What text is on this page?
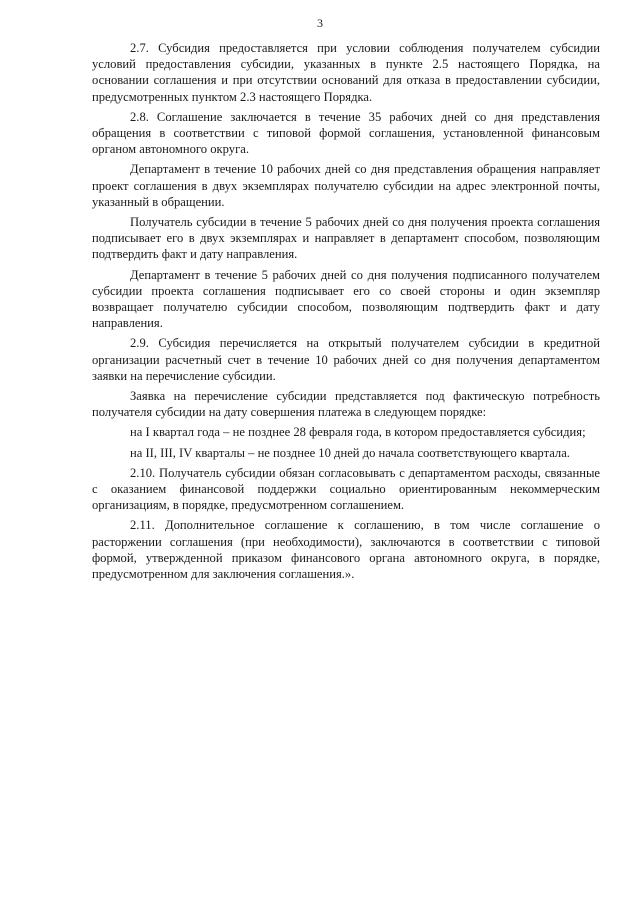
3

2.7. Субсидия предоставляется при условии соблюдения получателем субсидии условий предоставления субсидии, указанных в пункте 2.5 настоящего Порядка, на основании соглашения и при отсутствии оснований для отказа в предоставлении субсидии, предусмотренных пунктом 2.3 настоящего Порядка.

2.8. Соглашение заключается в течение 35 рабочих дней со дня представления обращения в соответствии с типовой формой соглашения, установленной финансовым органом автономного округа.

Департамент в течение 10 рабочих дней со дня представления обращения направляет проект соглашения в двух экземплярах получателю субсидии на адрес электронной почты, указанный в обращении.

Получатель субсидии в течение 5 рабочих дней со дня получения проекта соглашения подписывает его в двух экземплярах и направляет в департамент способом, позволяющим подтвердить факт и дату направления.

Департамент в течение 5 рабочих дней со дня получения подписанного получателем субсидии проекта соглашения подписывает его со своей стороны и один экземпляр возвращает получателю субсидии способом, позволяющим подтвердить факт и дату направления.

2.9. Субсидия перечисляется на открытый получателем субсидии в кредитной организации расчетный счет в течение 10 рабочих дней со дня получения департаментом заявки на перечисление субсидии.

Заявка на перечисление субсидии представляется под фактическую потребность получателя субсидии на дату совершения платежа в следующем порядке:

на I квартал года – не позднее 28 февраля года, в котором предоставляется субсидия;

на II, III, IV кварталы – не позднее 10 дней до начала соответствующего квартала.

2.10. Получатель субсидии обязан согласовывать с департаментом расходы, связанные с оказанием финансовой поддержки социально ориентированным некоммерческим организациям, в порядке, предусмотренном соглашением.

2.11. Дополнительное соглашение к соглашению, в том числе соглашение о расторжении соглашения (при необходимости), заключаются в соответствии с типовой формой, утвержденной приказом финансового органа автономного округа, в порядке, предусмотренном для заключения соглашения.».
